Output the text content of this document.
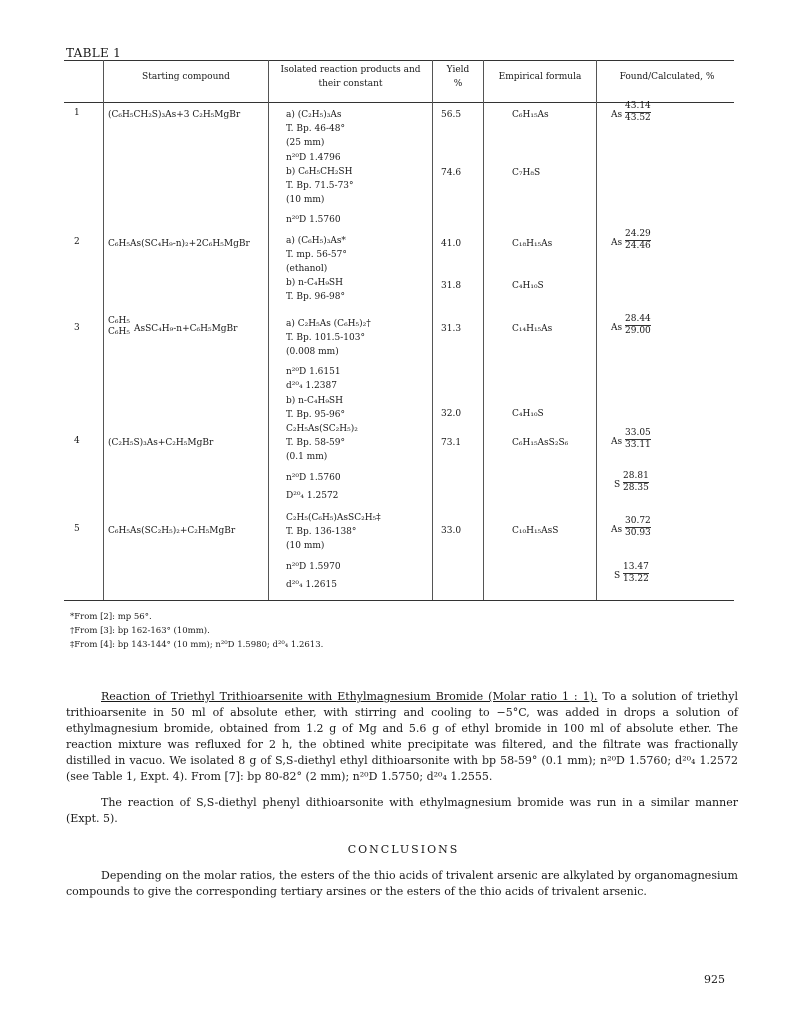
TABLE 1
Starting compound
Isolated reaction products and
their constant
Yield
%
Empirical formula	Found/Calculated, %
1
2
3
4
5
(C₆H₅CH₂S)₃As+3 C₂H₅MgBr
C₆H₅As(SC₄H₉-n)₂+2C₆H₅MgBr
C₆H₅
C₆H₅ AsSC₄H₉-n+C₆H₅MgBr
(C₂H₅S)₃As+C₂H₅MgBr
C₆H₅As(SC₂H₅)₂+C₂H₅MgBr
a) (C₂H₅)₃As
T. Bp. 46-48°
(25 mm)
n²⁰D 1.4796
b) C₆H₅CH₂SH
T. Bp. 71.5-73°
(10 mm)
n²⁰D 1.5760
a) (C₆H₅)₃As*
T. mp. 56-57°
(ethanol)
b) n-C₄H₉SH
T. Bp. 96-98°
a) C₂H₅As (C₆H₅)₂†
T. Bp. 101.5-103°
(0.008 mm)
n²⁰D 1.6151
d²⁰₄ 1.2387
b) n-C₄H₉SH
T. Bp. 95-96°
C₂H₅As(SC₂H₅)₂
T. Bp. 58-59°
(0.1 mm)
n²⁰D 1.5760
D²⁰₄ 1.2572
C₂H₅(C₆H₅)AsSC₂H₅‡
T. Bp. 136-138°
(10 mm)
n²⁰D 1.5970
d²⁰₄ 1.2615
56.5
74.6
41.0
31.8
31.3
32.0
73.1
33.0
C₆H₁₅As
C₇H₈S
C₁₈H₁₅As
C₄H₁₀S
C₁₄H₁₅As
C₄H₁₀S
C₆H₁₅AsS₂S₆
C₁₀H₁₅AsS
As $\frac{43.14}{43.52}$
As $\frac{24.29}{24.46}$
As $\frac{28.44}{29.00}$
As $\frac{33.05}{33.11}$
S $\frac{28.81}{28.35}$
As $\frac{30.72}{30.93}$
S $\frac{13.47}{13.22}$
*From [2]: mp 56°.
†From [3]: bp 162-163° (10mm).
‡From [4]: bp 143-144° (10 mm); n²⁰D 1.5980; d²⁰₄ 1.2613.
Reaction of Triethyl Trithioarsenite with Ethylmagnesium Bromide (Molar ratio 1 : 1). To a solution of triethyl trithioarsenite in 50 ml of absolute ether, with stirring and cooling to −5°C, was added in drops a solution of ethylmagnesium bromide, obtained from 1.2 g of Mg and 5.6 g of ethyl bromide in 100 ml of absolute ether. The reaction mixture was refluxed for 2 h, the obtined white precipitate was filtered, and the filtrate was fractionally distilled in vacuo. We isolated 8 g of S,S-diethyl ethyl dithioarsonite with bp 58-59° (0.1 mm); n²⁰D 1.5760; d²⁰₄ 1.2572 (see Table 1, Expt. 4). From [7]: bp 80-82° (2 mm); n²⁰D 1.5750; d²⁰₄ 1.2555.
The reaction of S,S-diethyl phenyl dithioarsonite with ethylmagnesium bromide was run in a similar manner (Expt. 5).
CONCLUSIONS
Depending on the molar ratios, the esters of the thio acids of trivalent arsenic are alkylated by organomagnesium compounds to give the corresponding tertiary arsines or the esters of the thio acids of trivalent arsenic.
925
